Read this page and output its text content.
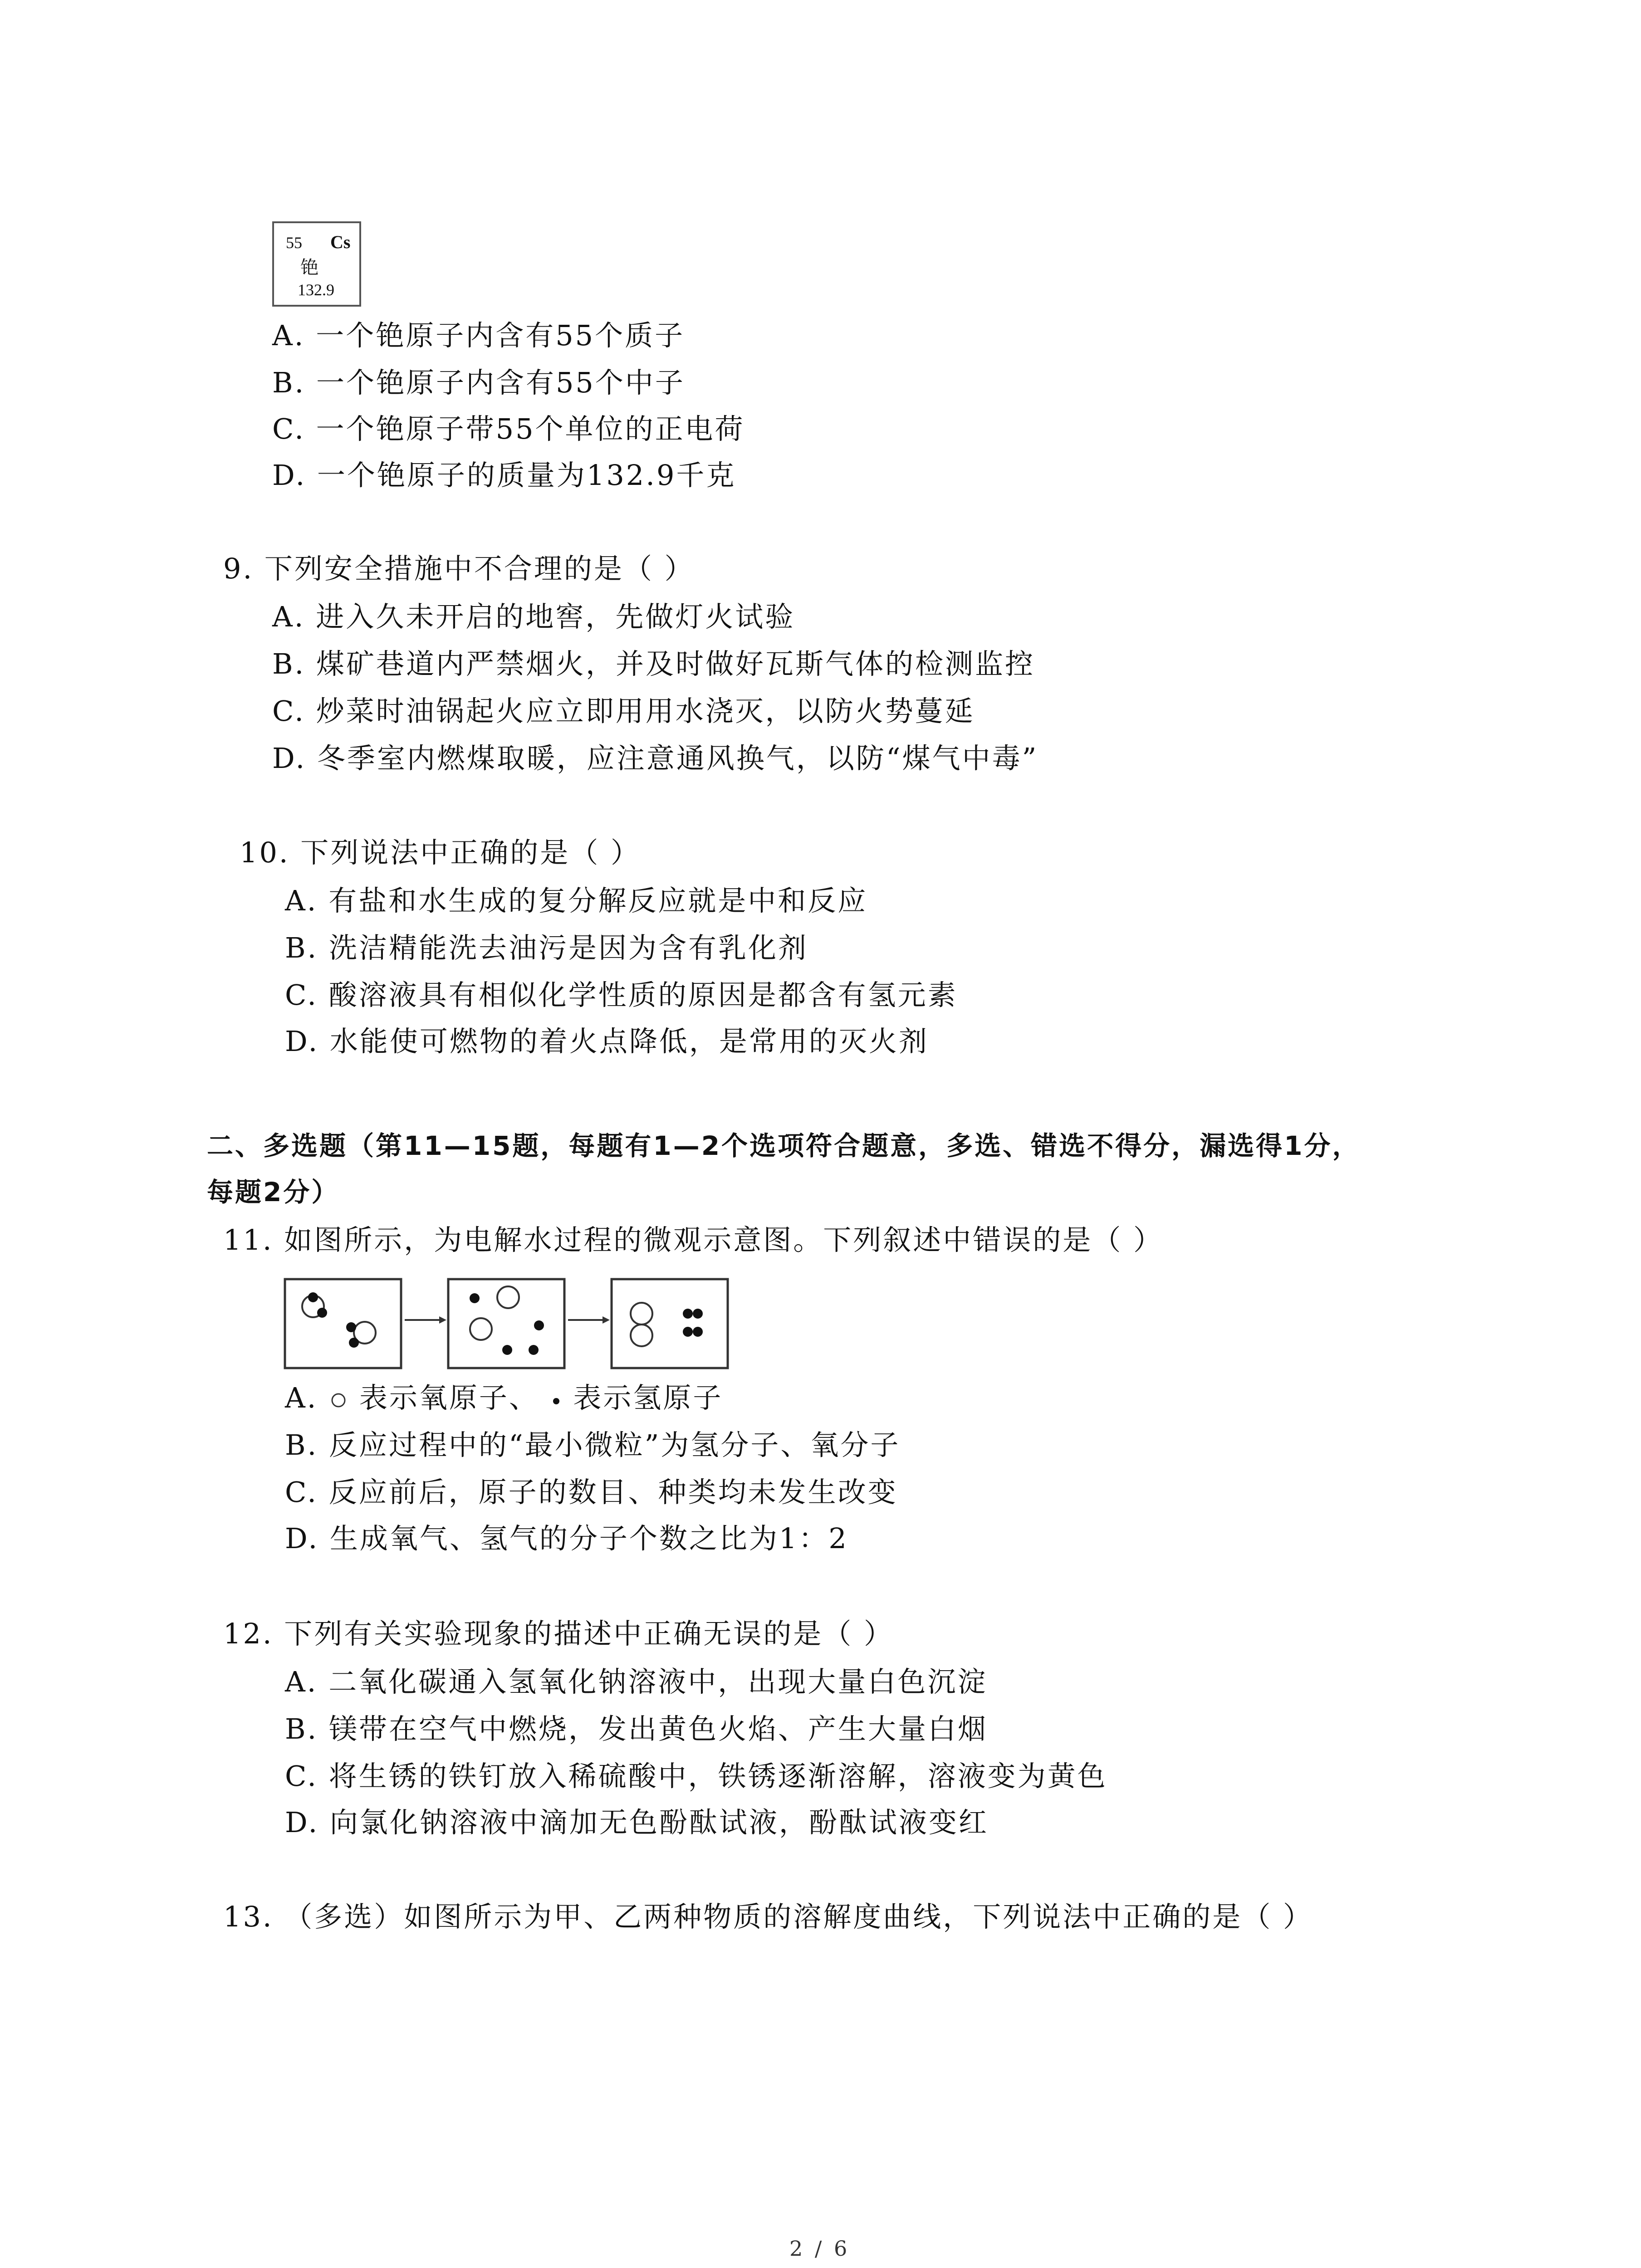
55 Cs
铯
132.9
A. 一个铯原子内含有55个质子
B. 一个铯原子内含有55个中子
C. 一个铯原子带55个单位的正电荷
D. 一个铯原子的质量为132.9千克
9. 下列安全措施中不合理的是（ ）
A. 进入久未开启的地窖，先做灯火试验
B. 煤矿巷道内严禁烟火，并及时做好瓦斯气体的检测监控
C. 炒菜时油锅起火应立即用用水浇灭，以防火势蔓延
D. 冬季室内燃煤取暖，应注意通风换气，以防“煤气中毒”
10. 下列说法中正确的是（ ）
A. 有盐和水生成的复分解反应就是中和反应
B. 洗洁精能洗去油污是因为含有乳化剂
C. 酸溶液具有相似化学性质的原因是都含有氢元素
D. 水能使可燃物的着火点降低，是常用的灭火剂
二、多选题（第11—15题，每题有1—2个选项符合题意，多选、错选不得分，漏选得1分，
每题2分）
11. 如图所示，为电解水过程的微观示意图。下列叙述中错误的是（ ）
A.  表示氧原子、 表示氢原子
B. 反应过程中的“最小微粒”为氢分子、氧分子
C. 反应前后，原子的数目、种类均未发生改变
D. 生成氧气、氢气的分子个数之比为1：2
12. 下列有关实验现象的描述中正确无误的是（ ）
A. 二氧化碳通入氢氧化钠溶液中，出现大量白色沉淀
B. 镁带在空气中燃烧，发出黄色火焰、产生大量白烟
C. 将生锈的铁钉放入稀硫酸中，铁锈逐渐溶解，溶液变为黄色
D. 向氯化钠溶液中滴加无色酚酞试液，酚酞试液变红
13. （多选）如图所示为甲、乙两种物质的溶解度曲线，下列说法中正确的是（ ）
2 / 6
